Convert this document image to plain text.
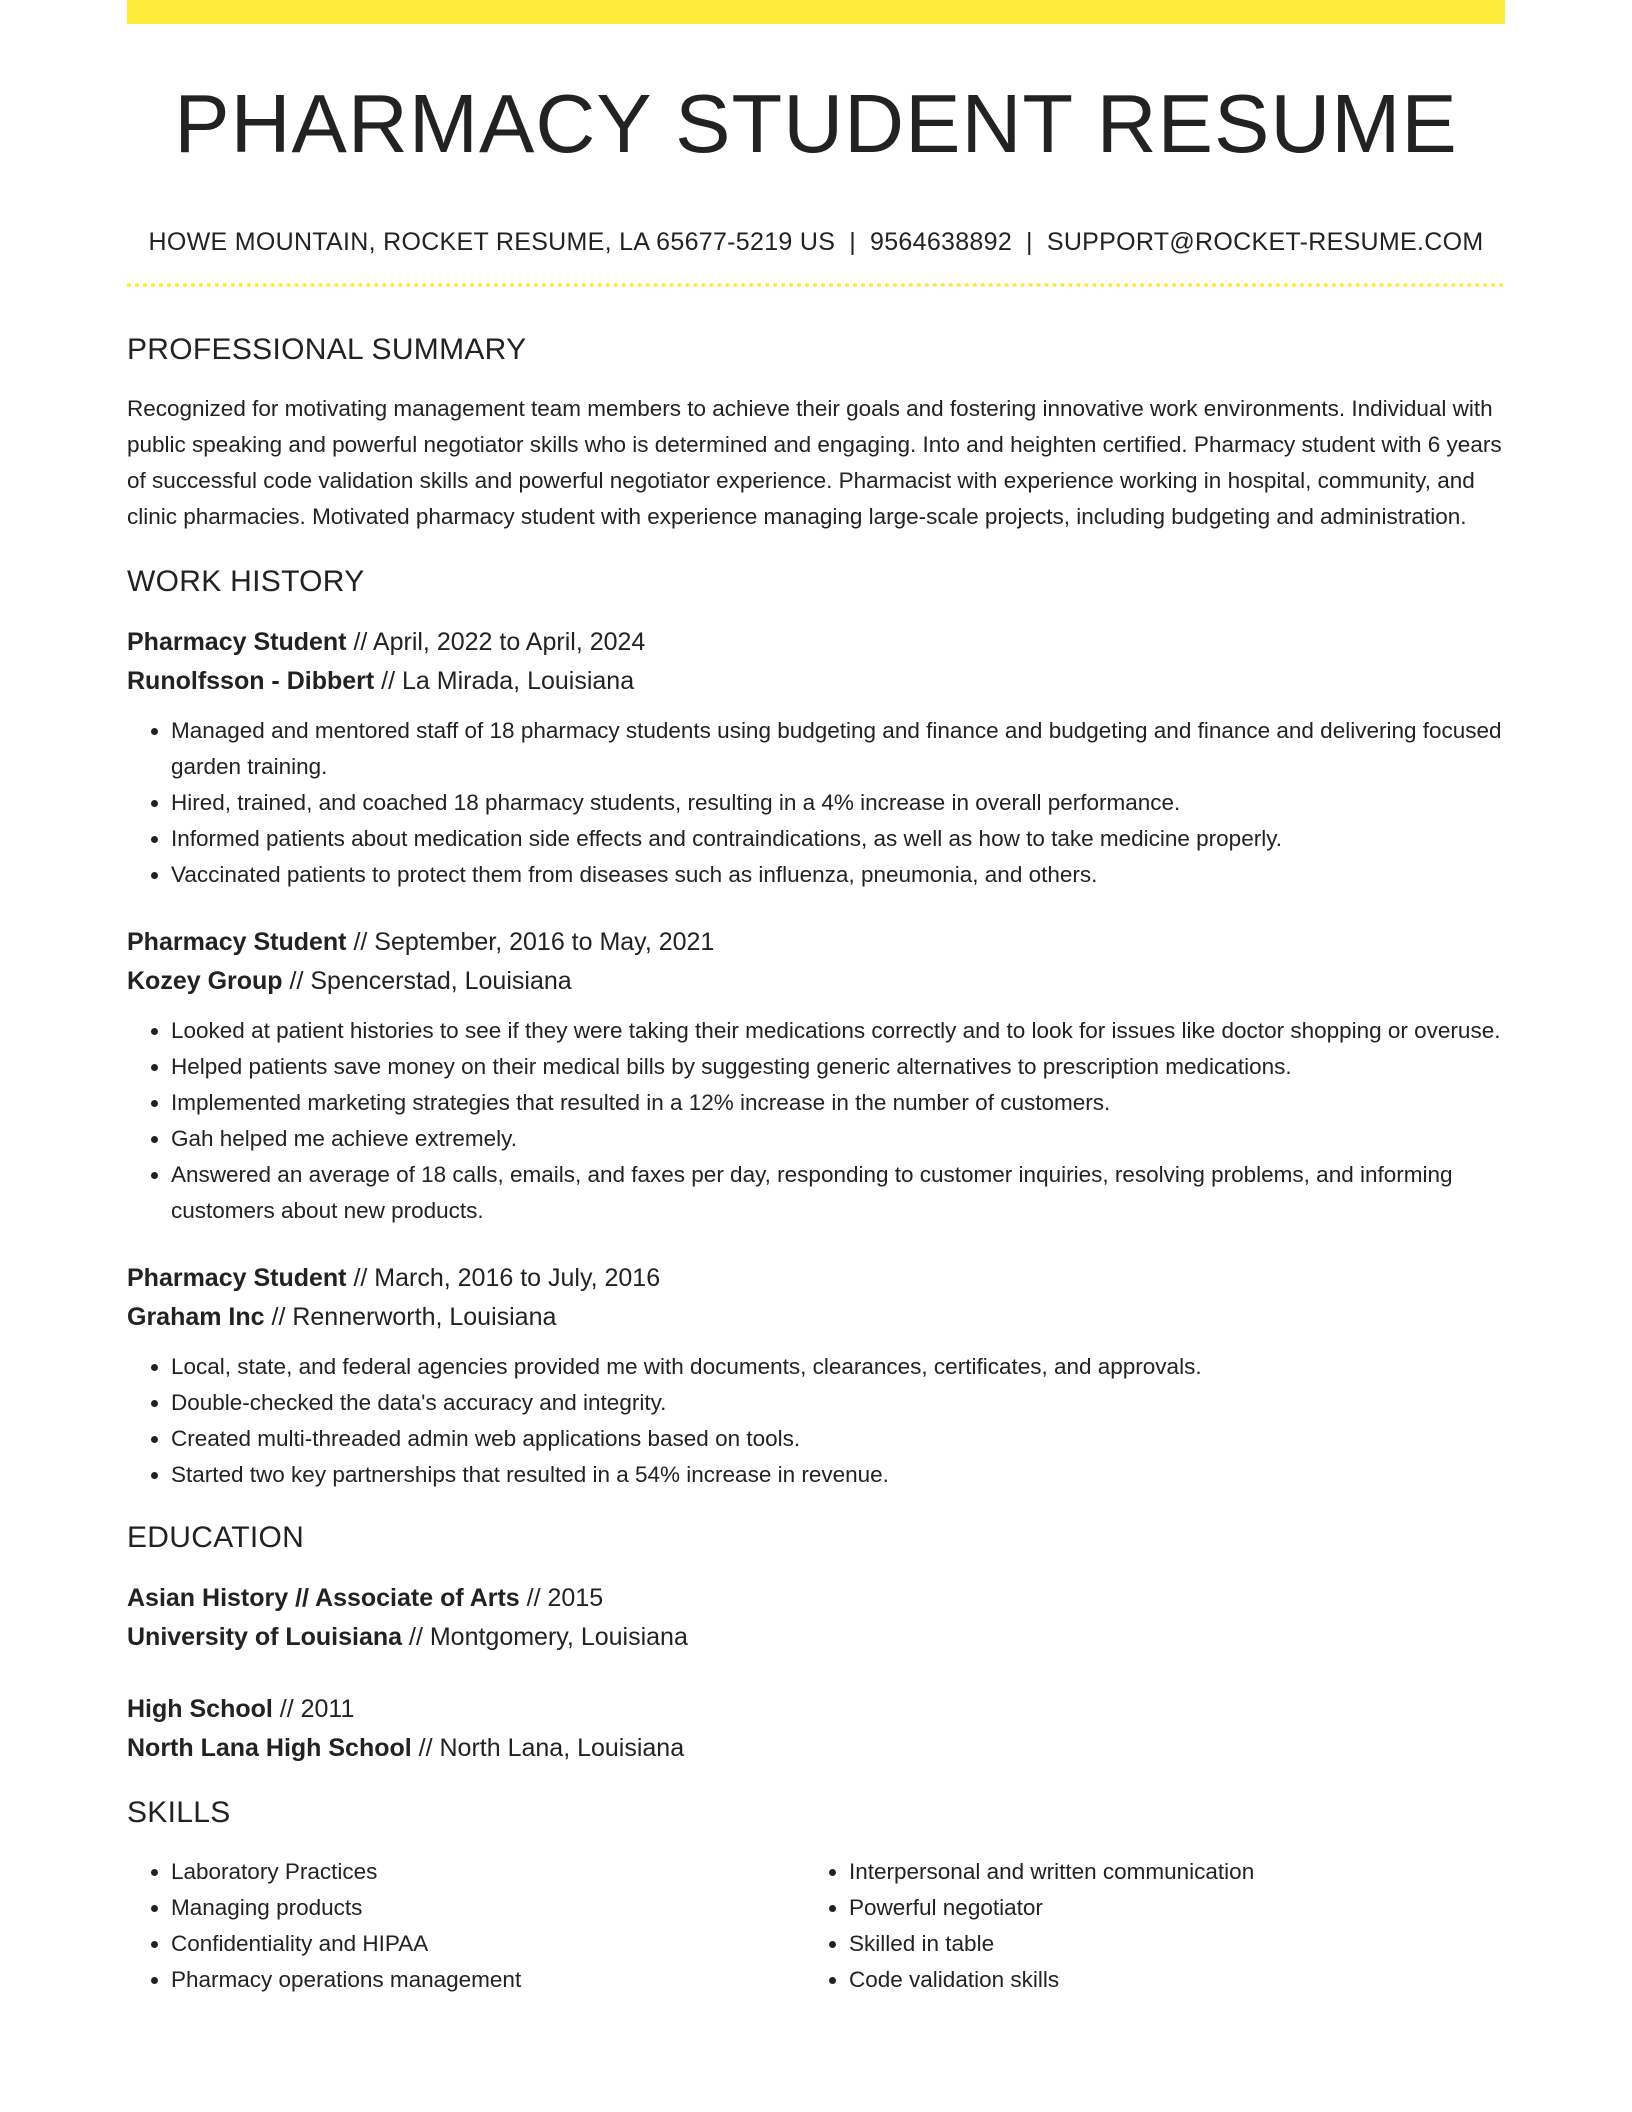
PHARMACY STUDENT RESUME
HOWE MOUNTAIN, ROCKET RESUME, LA 65677-5219 US | 9564638892 | SUPPORT@ROCKET-RESUME.COM
PROFESSIONAL SUMMARY
Recognized for motivating management team members to achieve their goals and fostering innovative work environments. Individual with public speaking and powerful negotiator skills who is determined and engaging. Into and heighten certified. Pharmacy student with 6 years of successful code validation skills and powerful negotiator experience. Pharmacist with experience working in hospital, community, and clinic pharmacies. Motivated pharmacy student with experience managing large-scale projects, including budgeting and administration.
WORK HISTORY
Pharmacy Student // April, 2022 to April, 2024
Runolfsson - Dibbert // La Mirada, Louisiana
• Managed and mentored staff of 18 pharmacy students using budgeting and finance and budgeting and finance and delivering focused garden training.
• Hired, trained, and coached 18 pharmacy students, resulting in a 4% increase in overall performance.
• Informed patients about medication side effects and contraindications, as well as how to take medicine properly.
• Vaccinated patients to protect them from diseases such as influenza, pneumonia, and others.
Pharmacy Student // September, 2016 to May, 2021
Kozey Group // Spencerstad, Louisiana
• Looked at patient histories to see if they were taking their medications correctly and to look for issues like doctor shopping or overuse.
• Helped patients save money on their medical bills by suggesting generic alternatives to prescription medications.
• Implemented marketing strategies that resulted in a 12% increase in the number of customers.
• Gah helped me achieve extremely.
• Answered an average of 18 calls, emails, and faxes per day, responding to customer inquiries, resolving problems, and informing customers about new products.
Pharmacy Student // March, 2016 to July, 2016
Graham Inc // Rennerworth, Louisiana
• Local, state, and federal agencies provided me with documents, clearances, certificates, and approvals.
• Double-checked the data's accuracy and integrity.
• Created multi-threaded admin web applications based on tools.
• Started two key partnerships that resulted in a 54% increase in revenue.
EDUCATION
Asian History // Associate of Arts // 2015
University of Louisiana // Montgomery, Louisiana
High School // 2011
North Lana High School // North Lana, Louisiana
SKILLS
• Laboratory Practices
• Managing products
• Confidentiality and HIPAA
• Pharmacy operations management
• Interpersonal and written communication
• Powerful negotiator
• Skilled in table
• Code validation skills
